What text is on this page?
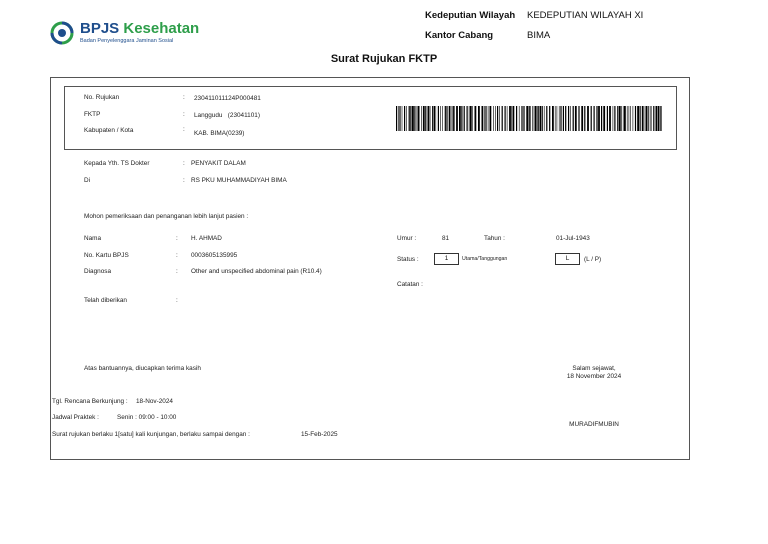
BPJS Kesehatan
Badan Penyelenggara Jaminan Sosial
Kedeputian Wilayah KEDEPUTIAN WILAYAH XI
Kantor Cabang	BIMA
Surat Rujukan FKTP
No. Rujukan	: 230411011124P000481
FKTP	: Langgudu   (23041101)
Kabupaten / Kota	:
KAB. BIMA(0239)
Kepada Yth. TS Dokter	: PENYAKIT DALAM
Di	: RS PKU MUHAMMADIYAH BIMA
Mohon pemeriksaan dan penanganan lebih lanjut pasien :
Nama	: H. AHMAD
No. Kartu BPJS	: 0003605135995
Diagnosa	: Other and unspecified abdominal pain (R10.4)
Telah diberikan	:
Umur :	81	Tahun :	01-Jul-1943
Status :	1	Utama/Tanggungan	L	(L / P)
Catatan :
Atas bantuannya, diucapkan terima kasih	Salam sejawat,
18 November 2024
MURADIFMUBIN
Tgl. Rencana Berkunjung : 18-Nov-2024
Jadwal Praktek :	Senin : 09:00 - 10:00
Surat rujukan berlaku 1[satu] kali kunjungan, berlaku sampai dengan :	15-Feb-2025
